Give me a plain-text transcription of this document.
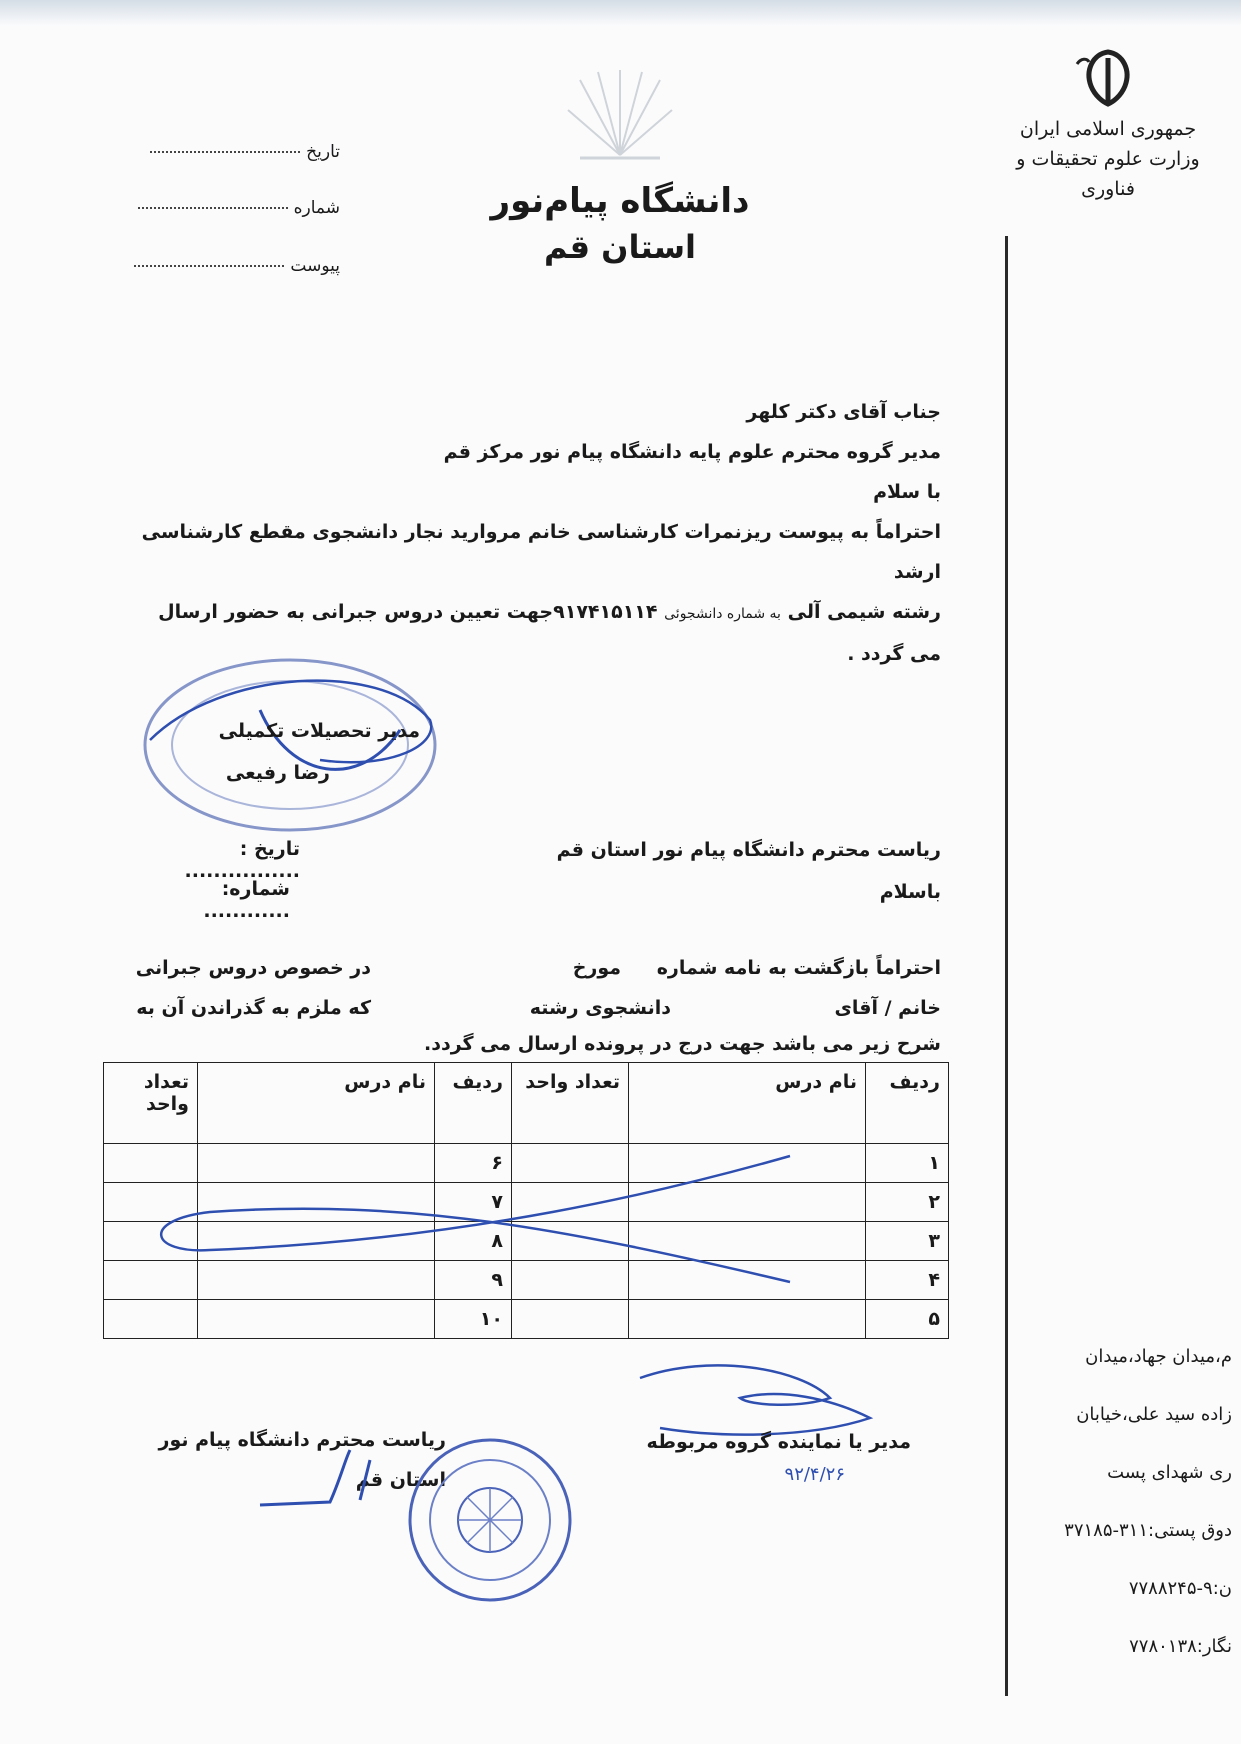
جمهوری اسلامی ایران
وزارت علوم تحقیقات و فناوری
دانشگاه پیام‌نور
استان قم
تاریخ
شماره
پیوست
جناب آقای دکتر کلهر
مدیر گروه محترم علوم پایه دانشگاه پیام نور مرکز قم
با سلام
احتراماً به پیوست ریزنمرات کارشناسی خانم مروارید نجار دانشجوی مقطع کارشناسی ارشد
رشته شیمی آلی به شماره دانشجوئی ۹۱۷۴۱۵۱۱۴جهت تعیین دروس جبرانی به حضور ارسال
می گردد .
مدیر تحصیلات تکمیلی
رضا رفیعی
تاریخ : ................
شماره: ............
ریاست محترم دانشگاه پیام نور استان قم
باسلام
احتراماً بازگشت به نامه شماره
مورخ
در خصوص دروس جبرانی
خانم / آقای
دانشجوی رشته
که ملزم به گذراندن آن به
شرح زیر می باشد جهت درج در پرونده ارسال می گردد.
ردیف	نام درس	تعداد واحد	ردیف	نام درس	تعداد واحد
۱			۶		
۲			۷		
۳			۸		
۴			۹		
۵			۱۰		
مدیر یا نماینده گروه مربوطه
۹۲/۴/۲۶
ریاست محترم دانشگاه پیام نور استان قم
م،میدان جهاد،میدان
زاده سید علی،خیابان
ری شهدای پست
دوق پستی:۳۱۱-۳۷۱۸۵
ن:۹-۷۷۸۸۲۴۵
نگار:۷۷۸۰۱۳۸
